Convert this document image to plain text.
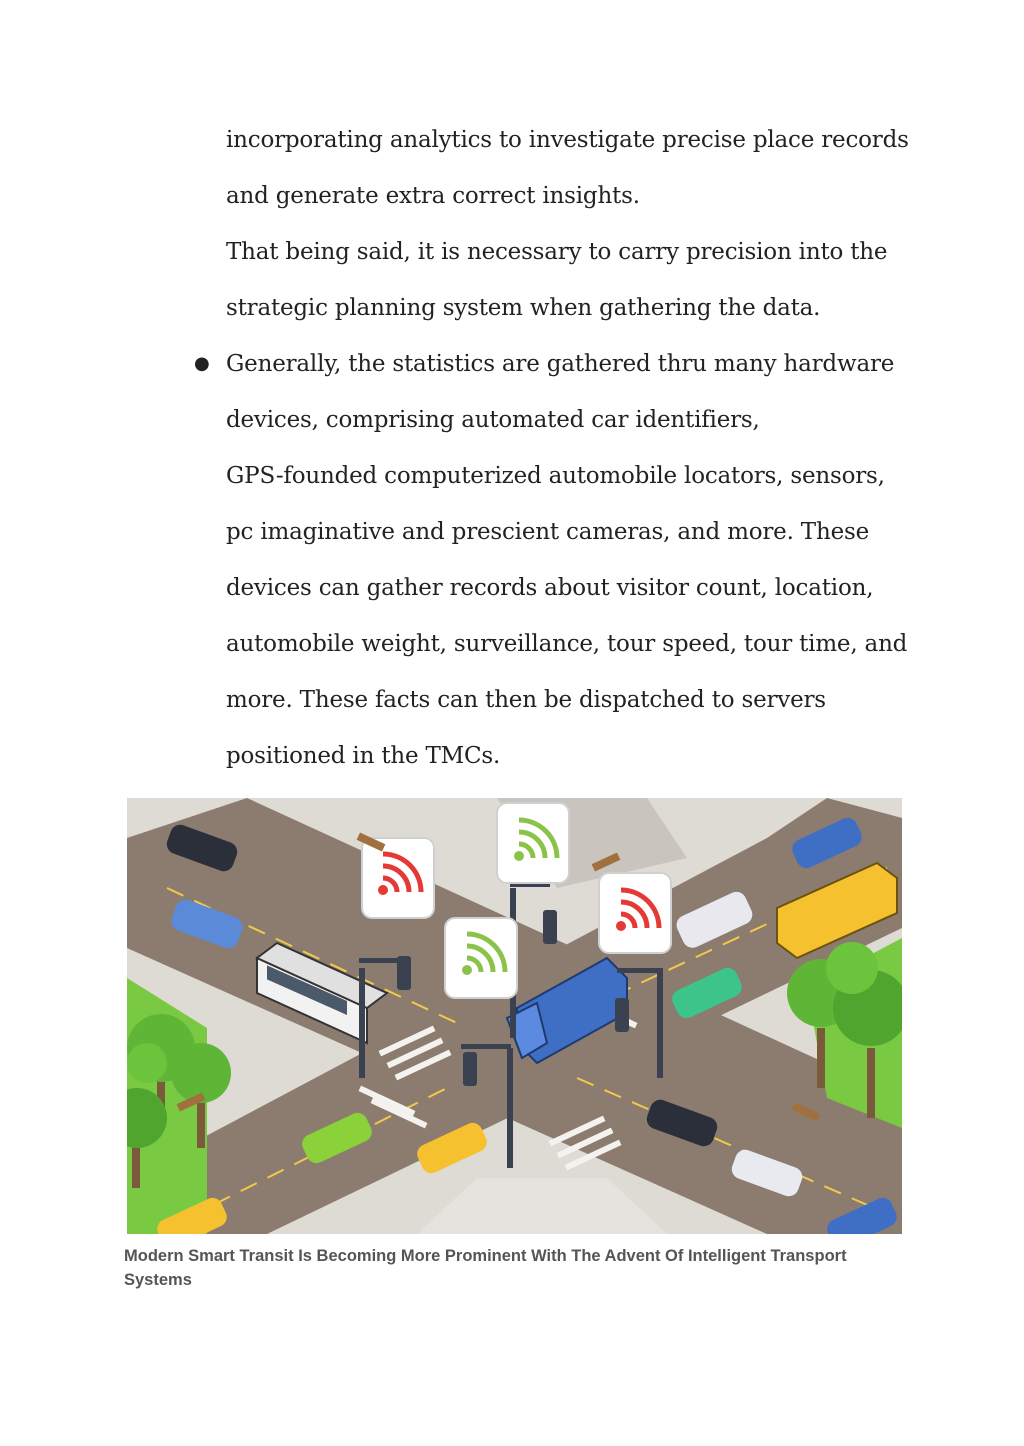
incorporating analytics to investigate precise place records
and generate extra correct insights.
That being said, it is necessary to carry precision into the
strategic planning system when gathering the data.
● Generally, the statistics are gathered thru many hardware
devices, comprising automated car identifiers,
GPS-founded computerized automobile locators, sensors,
pc imaginative and prescient cameras, and more. These
devices can gather records about visitor count, location,
automobile weight, surveillance, tour speed, tour time, and
more. These facts can then be dispatched to servers
positioned in the TMCs.
Modern Smart Transit Is Becoming More Prominent With The Advent Of Intelligent Transport Systems
